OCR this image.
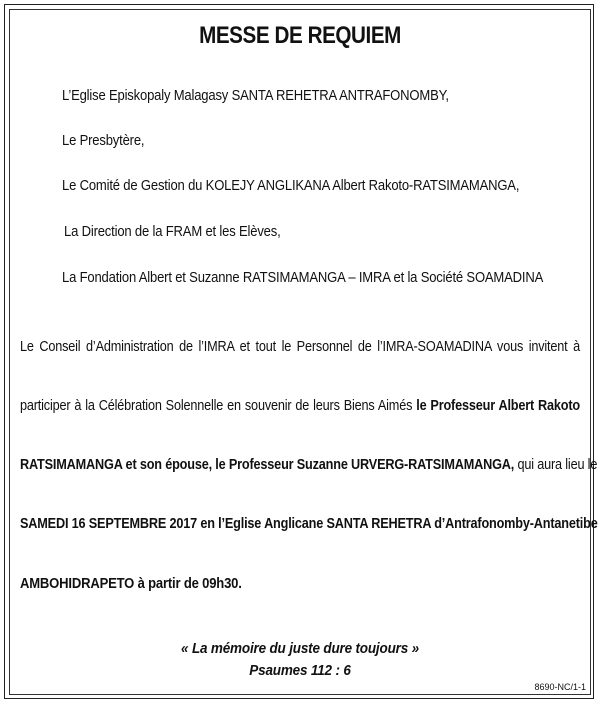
MESSE DE REQUIEM
L’Eglise Episkopaly Malagasy SANTA REHETRA ANTRAFONOMBY,
Le Presbytère,
Le Comité de Gestion du KOLEJY ANGLIKANA Albert Rakoto-RATSIMAMANGA,
La Direction de la FRAM et les Elèves,
La Fondation Albert et Suzanne RATSIMAMANGA – IMRA et la Société SOAMADINA
Le Conseil d’Administration de l’IMRA et tout le Personnel de l’IMRA-SOAMADINA vous invitent à
participer à la Célébration Solennelle en souvenir de leurs Biens Aimés le Professeur Albert Rakoto
RATSIMAMANGA et son épouse, le Professeur Suzanne URVERG-RATSIMAMANGA, qui aura lieu le
SAMEDI 16 SEPTEMBRE 2017 en l’Eglise Anglicane SANTA REHETRA d’Antrafonomby-Antanetibe
AMBOHIDRAPETO à partir de 09h30.
« La mémoire du juste dure toujours »
Psaumes 112 : 6
8690-NC/1-1
